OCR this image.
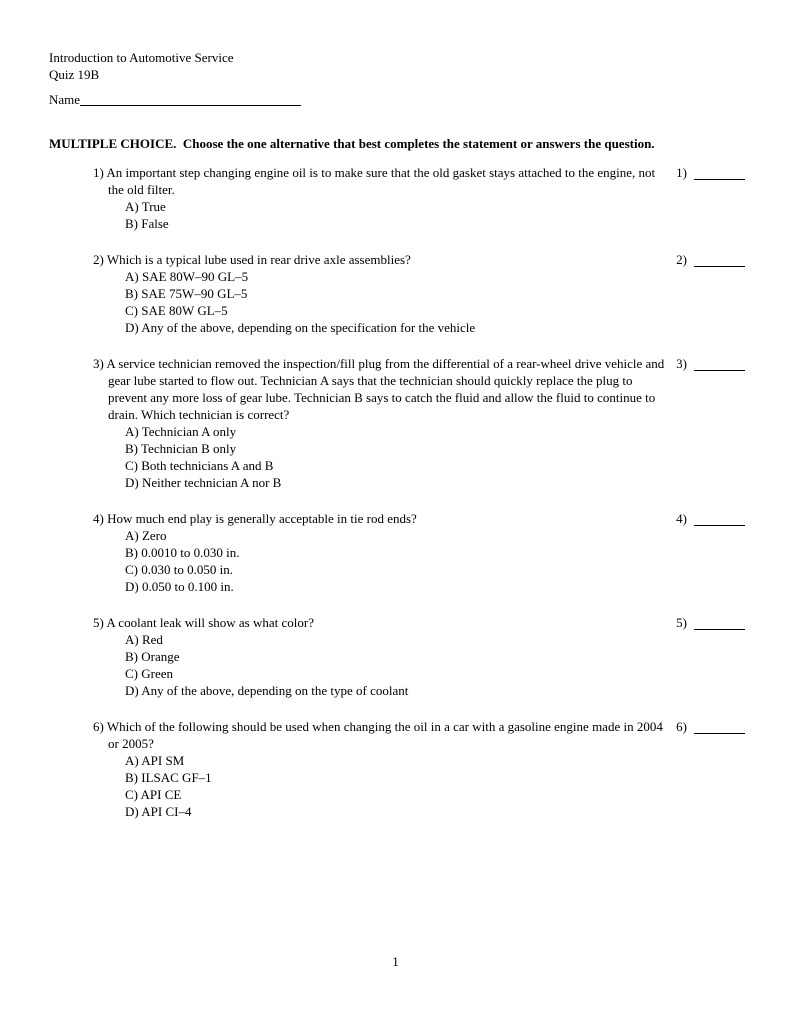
Introduction to Automotive Service
Quiz 19B
Name
MULTIPLE CHOICE.  Choose the one alternative that best completes the statement or answers the question.
1) An important step changing engine oil is to make sure that the old gasket stays attached to the engine, not the old filter.
A) True
B) False
1)
2) Which is a typical lube used in rear drive axle assemblies?
A) SAE 80W–90 GL–5
B) SAE 75W–90 GL–5
C) SAE 80W GL–5
D) Any of the above, depending on the specification for the vehicle
2)
3) A service technician removed the inspection/fill plug from the differential of a rear-wheel drive vehicle and gear lube started to flow out. Technician A says that the technician should quickly replace the plug to prevent any more loss of gear lube. Technician B says to catch the fluid and allow the fluid to continue to drain. Which technician is correct?
A) Technician A only
B) Technician B only
C) Both technicians A and B
D) Neither technician A nor B
3)
4) How much end play is generally acceptable in tie rod ends?
A) Zero
B) 0.0010 to 0.030 in.
C) 0.030 to 0.050 in.
D) 0.050 to 0.100 in.
4)
5) A coolant leak will show as what color?
A) Red
B) Orange
C) Green
D) Any of the above, depending on the type of coolant
5)
6) Which of the following should be used when changing the oil in a car with a gasoline engine made in 2004 or 2005?
A) API SM
B) ILSAC GF–1
C) API CE
D) API CI–4
6)
1
